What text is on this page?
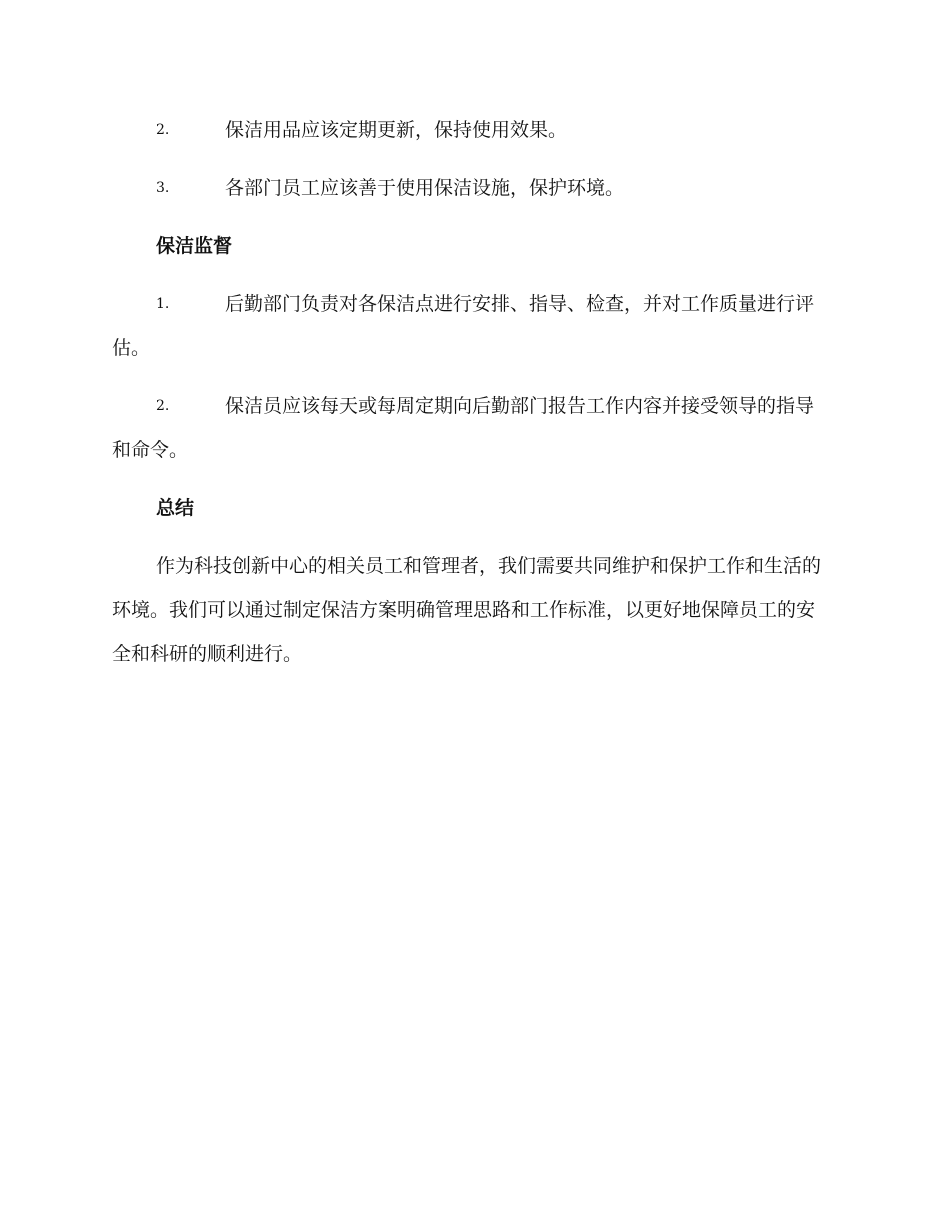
2.	保洁用品应该定期更新，保持使用效果。
3.	各部门员工应该善于使用保洁设施，保护环境。
保洁监督
1.	后勤部门负责对各保洁点进行安排、指导、检查，并对工作质量进行评估。
2.	保洁员应该每天或每周定期向后勤部门报告工作内容并接受领导的指导和命令。
总结

作为科技创新中心的相关员工和管理者，我们需要共同维护和保护工作和生活的环境。我们可以通过制定保洁方案明确管理思路和工作标准，以更好地保障员工的安全和科研的顺利进行。
